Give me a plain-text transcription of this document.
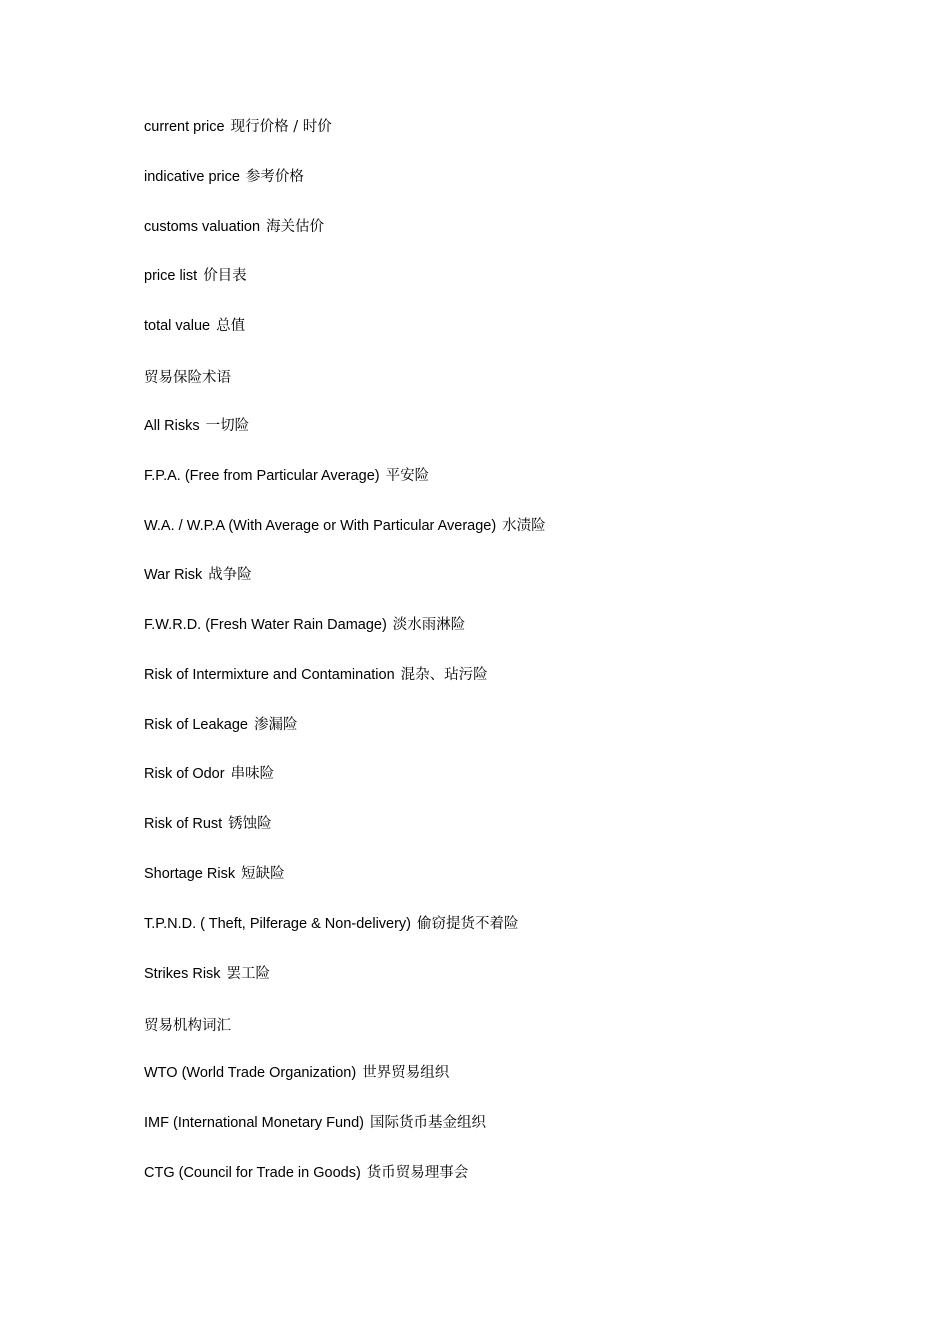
current price 现行价格 / 时价
indicative price 参考价格
customs valuation 海关估价
price list 价目表
total value 总值
贸易保险术语
All Risks 一切险
F.P.A. (Free from Particular Average) 平安险
W.A. / W.P.A (With Average or With Particular Average) 水渍险
War Risk 战争险
F.W.R.D. (Fresh Water Rain Damage) 淡水雨淋险
Risk of Intermixture and Contamination 混杂、玷污险
Risk of Leakage 渗漏险
Risk of Odor 串味险
Risk of Rust 锈蚀险
Shortage Risk 短缺险
T.P.N.D. ( Theft, Pilferage & Non-delivery) 偷窃提货不着险
Strikes Risk 罢工险
贸易机构词汇
WTO (World Trade Organization) 世界贸易组织
IMF (International Monetary Fund) 国际货币基金组织
CTG (Council for Trade in Goods) 货币贸易理事会
